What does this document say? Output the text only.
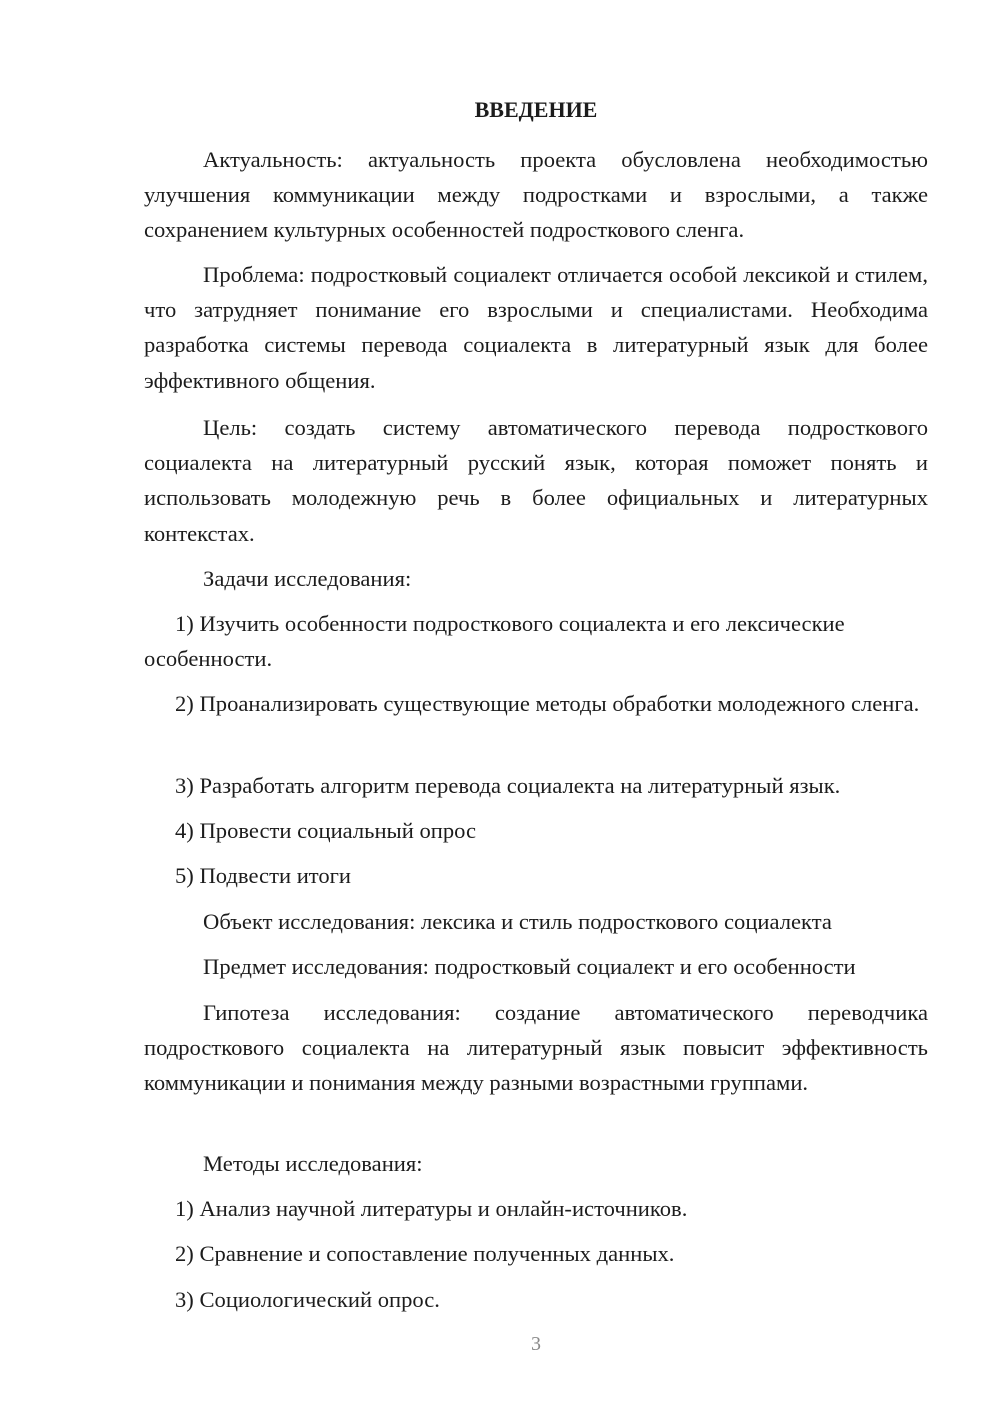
ВВЕДЕНИЕ

Актуальность: актуальность проекта обусловлена необходимостью улучшения коммуникации между подростками и взрослыми, а также сохранением культурных особенностей подросткового сленга.

Проблема: подростковый социалект отличается особой лексикой и стилем, что затрудняет понимание его взрослыми и специалистами. Необходима разработка системы перевода социалекта в литературный язык для более эффективного общения.

Цель: создать систему автоматического перевода подросткового социалекта на литературный русский язык, которая поможет понять и использовать молодежную речь в более официальных и литературных контекстах.

Задачи исследования:

1) Изучить особенности подросткового социалекта и его лексические особенности.

2) Проанализировать существующие методы обработки молодежного сленга.

3) Разработать алгоритм перевода социалекта на литературный язык.

4) Провести социальный опрос

5) Подвести итоги

Объект исследования: лексика и стиль подросткового социалекта

Предмет исследования: подростковый социалект и его особенности

Гипотеза исследования: создание автоматического переводчика подросткового социалекта на литературный язык повысит эффективность коммуникации и понимания между разными возрастными группами.

Методы исследования:

1) Анализ научной литературы и онлайн-источников.

2) Сравнение и сопоставление полученных данных.

3) Социологический опрос.

3
